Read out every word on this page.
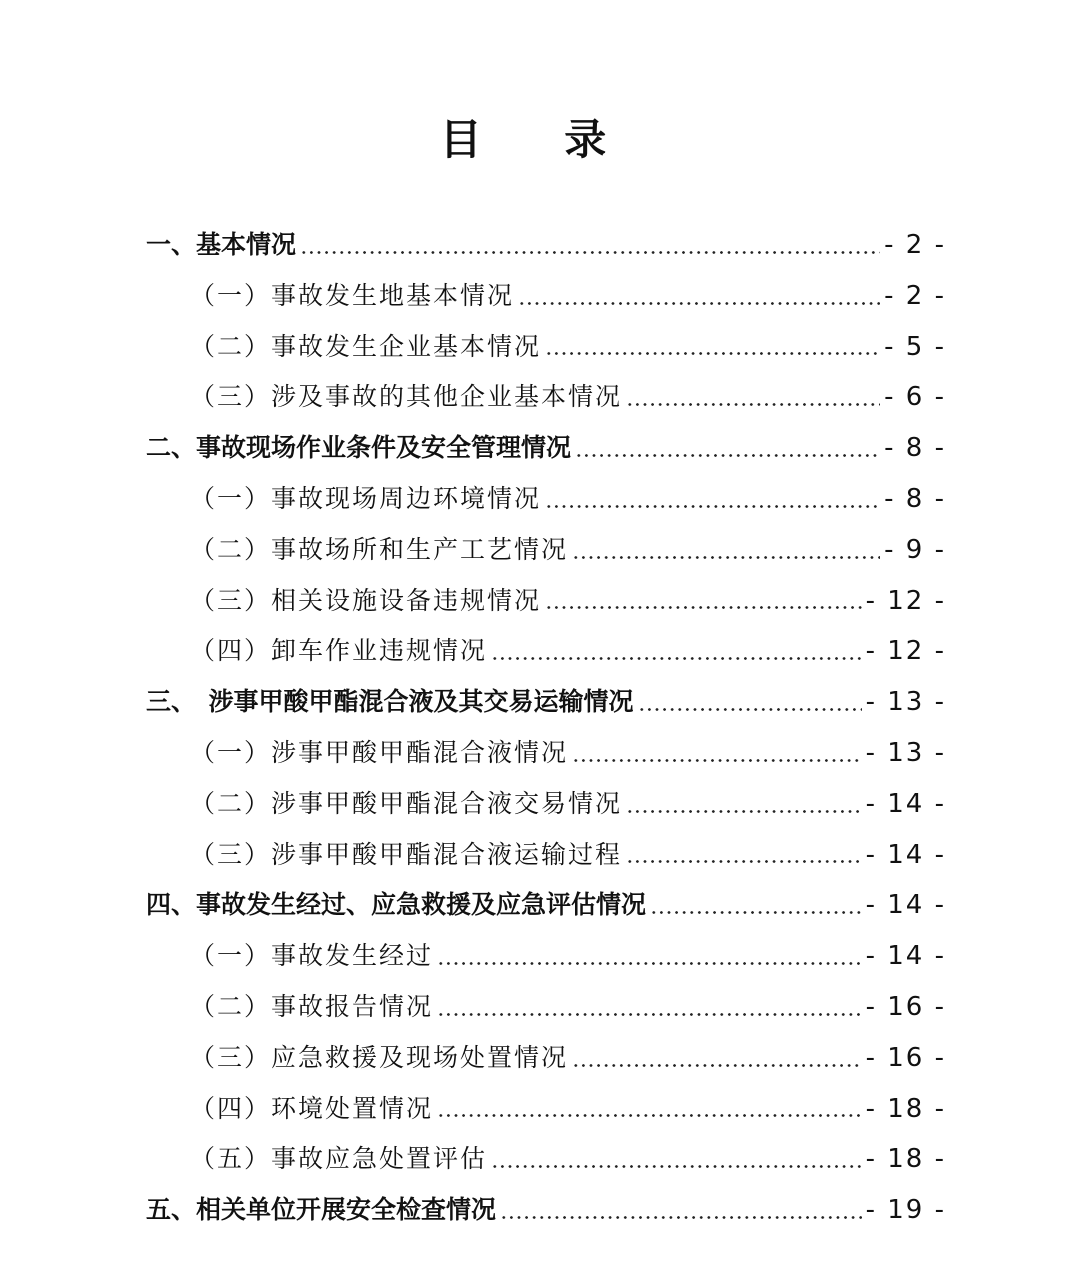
目 录
一、基本情况	- 2 -
（一）事故发生地基本情况	- 2 -
（二）事故发生企业基本情况	- 5 -
（三）涉及事故的其他企业基本情况	- 6 -
二、事故现场作业条件及安全管理情况	- 8 -
（一）事故现场周边环境情况	- 8 -
（二）事故场所和生产工艺情况	- 9 -
（三）相关设施设备违规情况	- 12 -
（四）卸车作业违规情况	- 12 -
三、　涉事甲酸甲酯混合液及其交易运输情况	- 13 -
（一）涉事甲酸甲酯混合液情况	- 13 -
（二）涉事甲酸甲酯混合液交易情况	- 14 -
（三）涉事甲酸甲酯混合液运输过程	- 14 -
四、事故发生经过、应急救援及应急评估情况	- 14 -
（一）事故发生经过	- 14 -
（二）事故报告情况	- 16 -
（三）应急救援及现场处置情况	- 16 -
（四）环境处置情况	- 18 -
（五）事故应急处置评估	- 18 -
五、相关单位开展安全检查情况	- 19 -
